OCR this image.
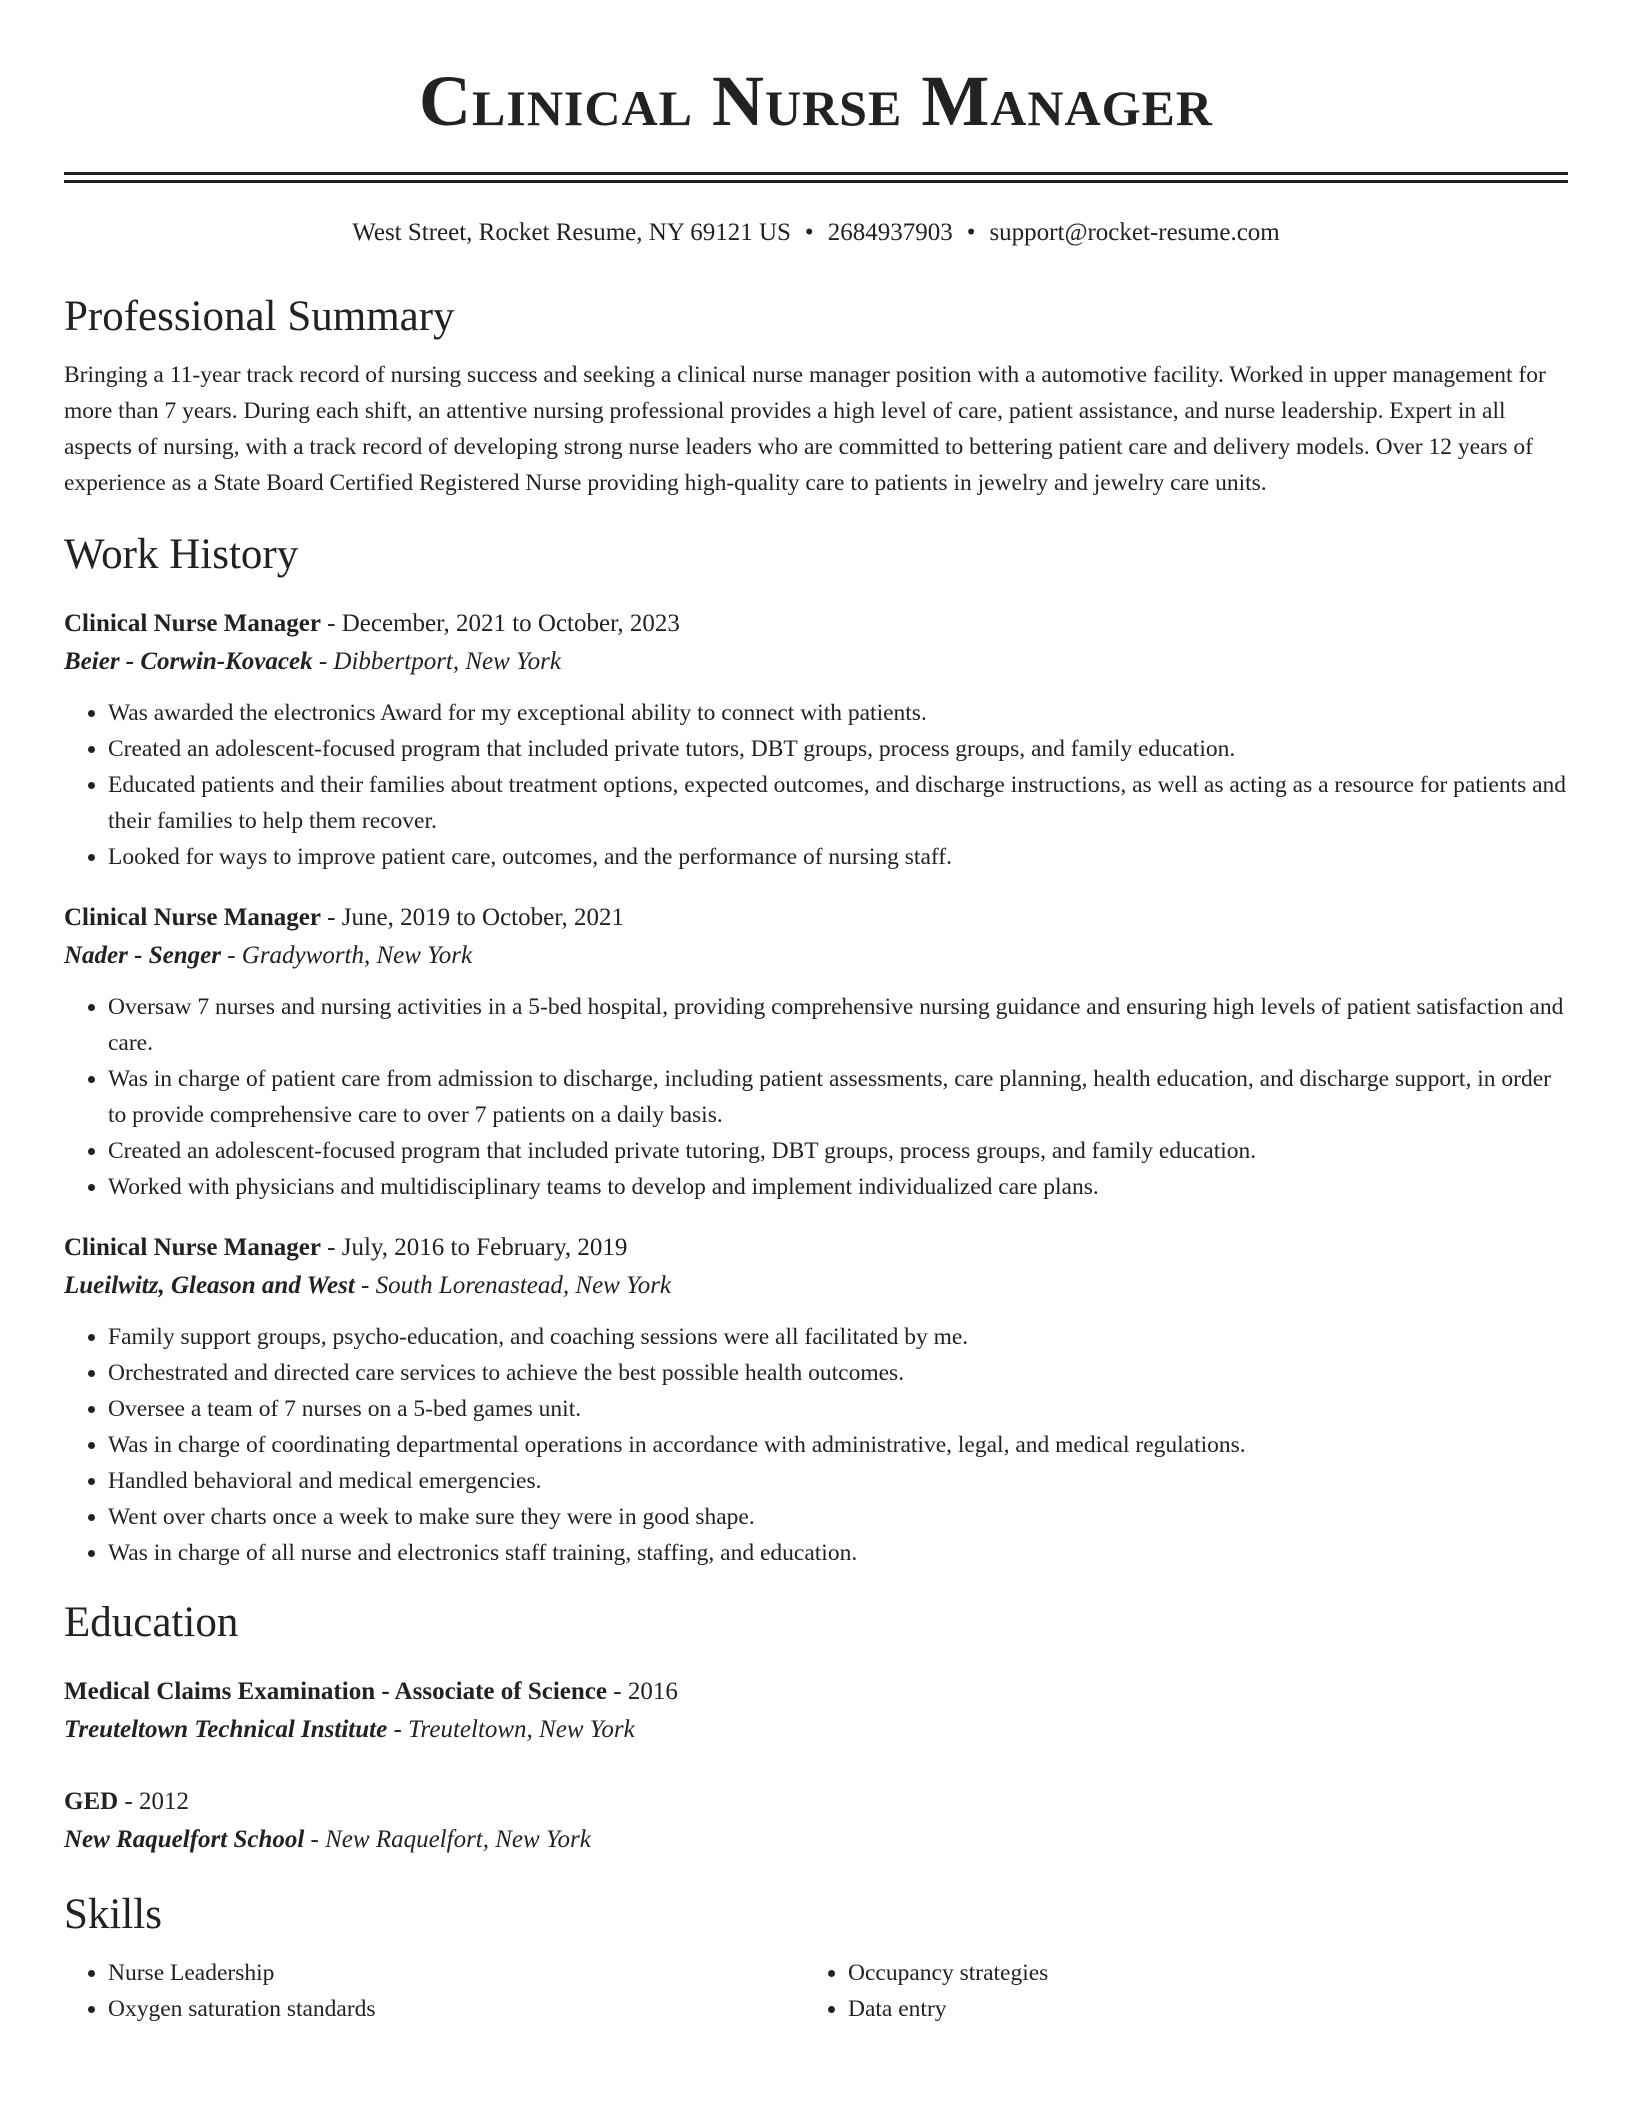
Clinical Nurse Manager
West Street, Rocket Resume, NY 69121 US • 2684937903 • support@rocket-resume.com
Professional Summary

Bringing a 11-year track record of nursing success and seeking a clinical nurse manager position with a automotive facility. Worked in upper management for more than 7 years. During each shift, an attentive nursing professional provides a high level of care, patient assistance, and nurse leadership. Expert in all aspects of nursing, with a track record of developing strong nurse leaders who are committed to bettering patient care and delivery models. Over 12 years of experience as a State Board Certified Registered Nurse providing high-quality care to patients in jewelry and jewelry care units.

Work History
Clinical Nurse Manager - December, 2021 to October, 2023
Beier - Corwin-Kovacek - Dibbertport, New York
• Was awarded the electronics Award for my exceptional ability to connect with patients.
• Created an adolescent-focused program that included private tutors, DBT groups, process groups, and family education.
• Educated patients and their families about treatment options, expected outcomes, and discharge instructions, as well as acting as a resource for patients and their families to help them recover.
• Looked for ways to improve patient care, outcomes, and the performance of nursing staff.
Clinical Nurse Manager - June, 2019 to October, 2021
Nader - Senger - Gradyworth, New York
• Oversaw 7 nurses and nursing activities in a 5-bed hospital, providing comprehensive nursing guidance and ensuring high levels of patient satisfaction and care.
• Was in charge of patient care from admission to discharge, including patient assessments, care planning, health education, and discharge support, in order to provide comprehensive care to over 7 patients on a daily basis.
• Created an adolescent-focused program that included private tutoring, DBT groups, process groups, and family education.
• Worked with physicians and multidisciplinary teams to develop and implement individualized care plans.
Clinical Nurse Manager - July, 2016 to February, 2019
Lueilwitz, Gleason and West - South Lorenastead, New York
• Family support groups, psycho-education, and coaching sessions were all facilitated by me.
• Orchestrated and directed care services to achieve the best possible health outcomes.
• Oversee a team of 7 nurses on a 5-bed games unit.
• Was in charge of coordinating departmental operations in accordance with administrative, legal, and medical regulations.
• Handled behavioral and medical emergencies.
• Went over charts once a week to make sure they were in good shape.
• Was in charge of all nurse and electronics staff training, staffing, and education.
Education
Medical Claims Examination - Associate of Science - 2016
Treuteltown Technical Institute - Treuteltown, New York
GED - 2012
New Raquelfort School - New Raquelfort, New York
Skills
• Nurse Leadership
• Oxygen saturation standards
• Occupancy strategies
• Data entry
